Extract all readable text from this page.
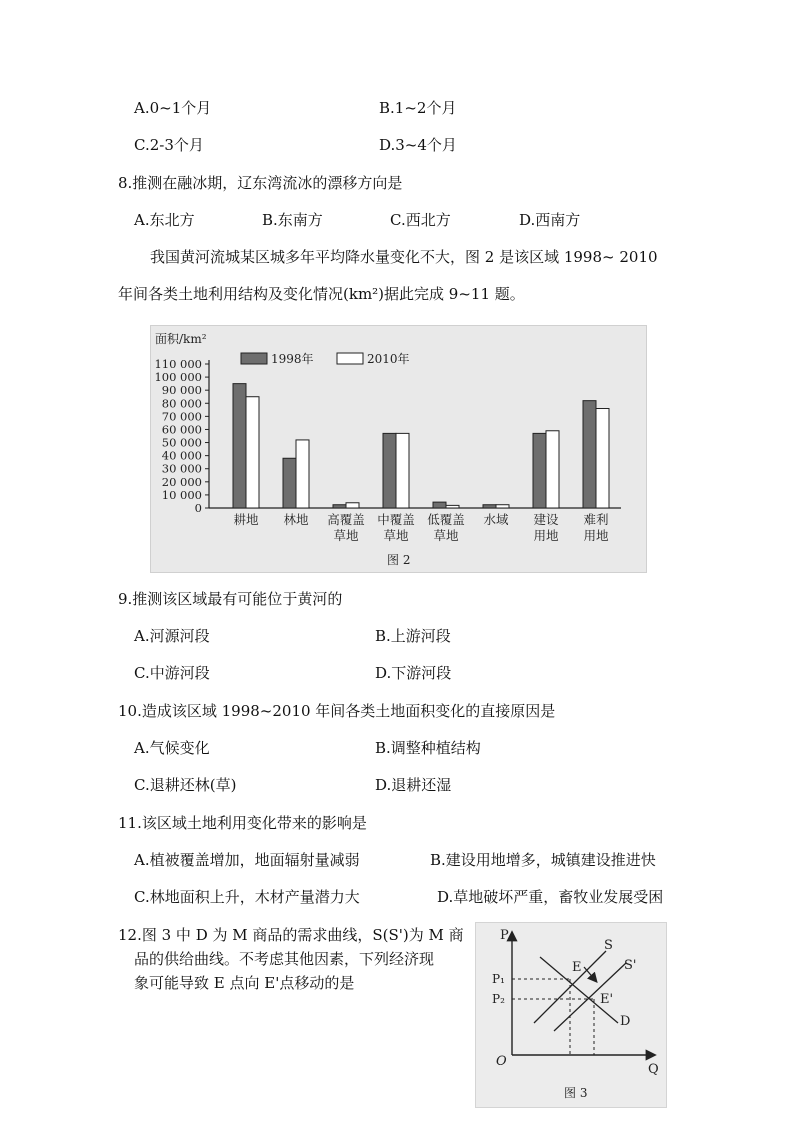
A.0~1个月	B.1~2个月
C.2-3个月	D.3~4个月
8.推测在融冰期，辽东湾流冰的漂移方向是
A.东北方	B.东南方	C.西北方	D.西南方
我国黄河流城某区城多年平均降水量变化不大，图 2 是该区域 1998~ 2010
年间各类土地利用结构及变化情况(km²)据此完成 9~11 题。
面积/km²
1998年	2010年
0
10 000
20 000
30 000
40 000
50 000
60 000
70 000
80 000
90 000
100 000
110 000
耕地 林地 高覆盖
草地
中覆盖
草地
低覆盖
草地
水域 建设
用地
难利
用地
图 2
9.推测该区域最有可能位于黄河的
A.河源河段	B.上游河段
C.中游河段	D.下游河段
10.造成该区域 1998~2010 年间各类土地面积变化的直接原因是
A.气候变化	B.调整种植结构
C.退耕还林(草)	D.退耕还湿
11.该区域土地利用变化带来的影响是
A.植被覆盖增加，地面辐射量减弱	B.建设用地增多，城镇建设推进快
C.林地面积上升，木材产量潜力大	D.草地破坏严重，畜牧业发展受困
12.图 3 中 D 为 M 商品的需求曲线，S(S')为 M 商
品的供给曲线。不考虑其他因素，下列经济现
象可能导致 E 点向 E'点移动的是
P
Q
O
P₁
P₂
E
E'
S
S'
D
图 3
